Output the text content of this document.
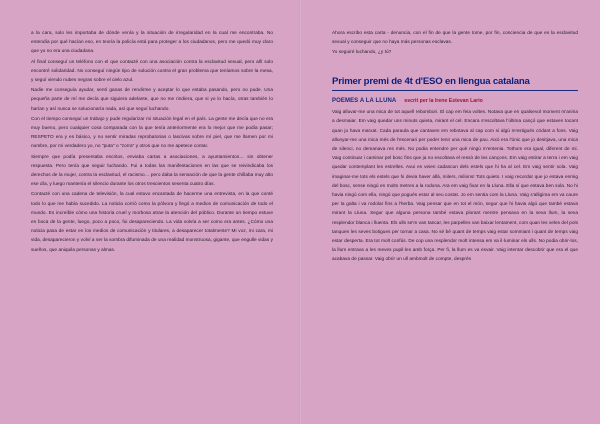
a la cara, solo les importaba de dónde venía y la situación de irregularidad en la cual me encontraba. No entendía por qué hacían eso, en teoría la policía está para proteger a los ciudadanos, pero me quedó muy claro que yo no era una ciudadana.

Al final conseguí un teléfono con el que contacté con una asociación contra la esclavitud sexual, pero allí solo encontré solidaridad. No conseguí ningún tipo de solución contra el gran problema que teníamos sobre la mesa, y seguí viendo nubes negras sobre el cielo azul.

Nadie me conseguía ayudar, sentí ganas de rendirme y aceptar lo que estaba pasando, pero no pude. Una pequeña parte de mí me decía que siguiera adelante, que no me rindiera, que si yo lo hacía, otras también lo harían y así nunca se solucionaría nada, así que seguí luchando.

Con el tiempo conseguí un trabajo y pude regularizar mi situación legal en el país. La gente me decía que no era muy bueno, pero cualquier cosa comparada con la que tenía anteriormente era lo mejor que me podía pasar; RESPETO era y es básico, y no sentir miradas reprobatorias o lascivas sobre mí piel, que me llamen por mi nombre, por mi verdadero yo, no "puta" o "zorra" y otros que no me apetece contar.

Siempre que podía presentaba escritos, enviaba cartas a asociaciones, a ayuntamientos… sin obtener respuesta. Pero tenía que seguir luchando. Fui a todas las manifestaciones en las que se reivindicaba los derechos de la mujer, contra la esclavitud, el racismo… pero daba la sensación de que la gente chillaba muy alto ese día, y luego mantenía el silencio durante los otros trescientos sesenta cuatro días.

Contacté con una cadena de televisión, la cual estuvo encantada de hacerme una entrevista, en la que conté todo lo que me había sucedido. La noticia corrió como la pólvora y llegó a medios de comunicación de todo el mundo. Es increíble cómo una historia cruel y morbosa atrae la atención del público. Durante un tiempo estuve en boca de la gente, luego, poco a poco, fui desapareciendo. La vida volvía a ser como era antes. ¿Cómo una noticia pasa de estar en los medios de comunicación y titulares, a desaparecer totalmente? Mi voz, mi cara, mi vida, desaparecieron y volví a ser la sombra difuminada de una realidad monstruosa, gigante, que engulle vidas y sueños, que aniquila personas y almas.

Ahora escribo esta carta - denuncia, con el fin de que la gente tome, por fin, conciencia de que es la esclavitud sexual y conseguir que no haya más personas esclavas.

Yo seguiré luchando, ¿y tú?

Primer premi de 4t d'ESO en llengua catalana
POEMES A LA LLUNA escrit per la Irene Estevan Lario

Vaig alluvar-me una mica de tot aquell rebombori. El cap em feia voltes. Notava que en qualsevol moment m'aniria a desmaiar. Em vaig quedar uns minuts quieta, mirant el cel. Encara s'escoltava l'última cançó que estaven tocant quan jo hava marxat. Cada paraula que cantaven em rebotava al cap com si algú m'estigués cridant a fons. Vaig allunyar-me una mica més de l'escenari per poder tenir una mica de pau. Això era l'únic que jo desitjava, una mica de silenci, no demanava res més. No podia entendre per què ningú m'entenia. Tothom era igual, diferent de mi. Vaig continuar i caminar pel bosc fins que ja no escoltava el ressò de les cançons. Em vaig estirar a terra i em vaig quedar contemplant les estrelles. Avui es veien cadascun dels estels que hi ha al cel. Em vaig sentir sola. Vaig imaginar-me tots els estels que hi devia haver allà, milers, milions! Tots quiets. I vaig recordar que jo estava enmig del bosc, sense ningú en molts metres a la rodona. Ara em vaig fixar en la Lluna. Ella sí que estava ben sola. No hi havia ningú com ella, ningú que pogués estar al seu costat. Jo em sentia com la Lluna. Vaig s'alligima em va caure per la galta i va rodolar fins a l'herba. Vaig pensar que en tot el món, segur que hi havia algú que també estava mirant la Lluna. Segur que alguna persona també estava plorant mentre pensava en la seva llum, la seva resplendor blanca i lluenta. Els ulls se'm van tancar, les parpelles van baixar lentament, com quan les veles del pols tanquen les seves botigues per tornar a casa. No sé bé quant de temps vaig estar sommiant i quant de temps vaig estar desperta. Era tot molt confús. De cop una resplendor molt intensa em va il·luminar els ulls. No podia obrir-los, la llum entrava a les meves pupil·les amb força. Per fi, la llum es va esvair. Vaig intentar descobrir que era el que acabava de passar. Vaig obrir un ull ambmolt de compte, després
